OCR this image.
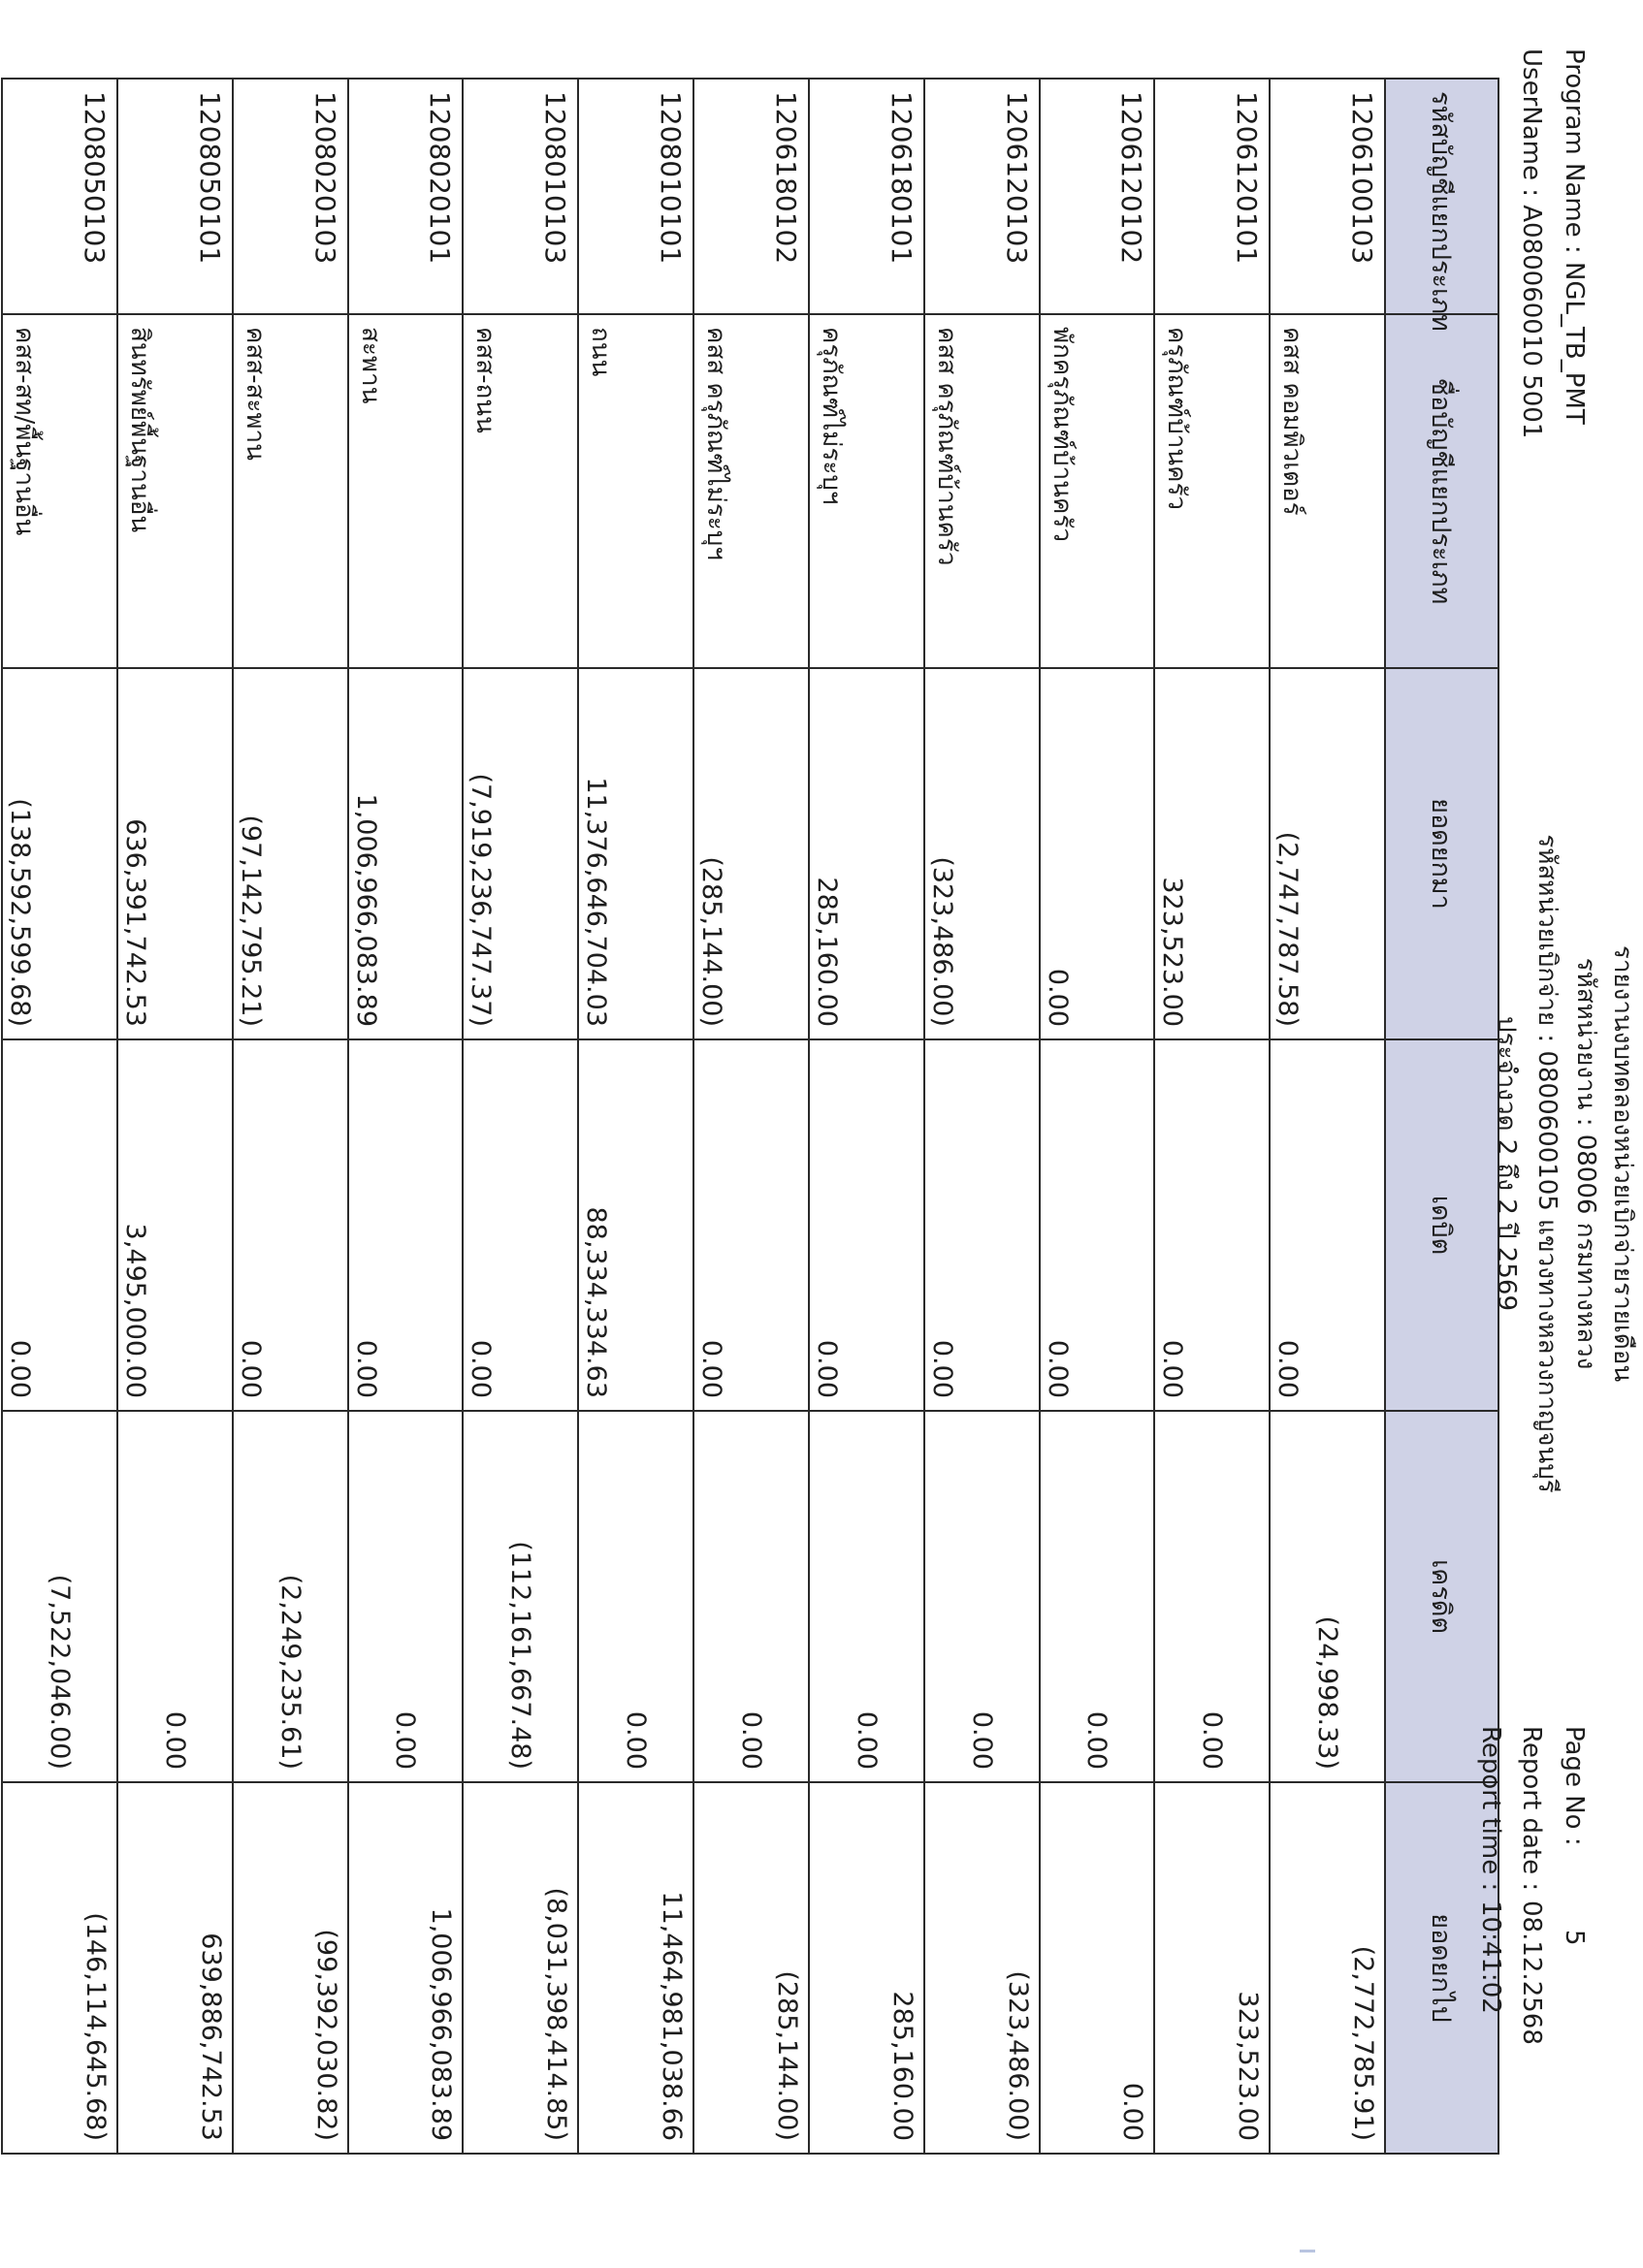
รายงานงบทดลองหน่วยเบิกจ่ายรายเดือน
รหัสหน่วยงาน : 08006 กรมทางหลวง
Program Name : NGL_TB_PMT
UserName : A080060010 5001
Page No :
5
Report date :
08.12.2568
รหัสบัญชีแยกประเภท	ชื่อบัญชีแยกประเภท	ยอดยกมา	เดบิต	เครดิต	ยอดยกไป
1206100103	คสส คอมพิวเตอร์	(2,747,787.58)	0.00	(24,998.33)	(2,772,785.91)
1206120101	ครุภัณฑ์บ้านครัว	323,523.00	0.00	0.00	323,523.00
1206120102	พักครุภัณฑ์บ้านครัว	0.00	0.00	0.00	0.00
1206120103	คสส ครุภัณฑ์บ้านครัว	(323,486.00)	0.00	0.00	(323,486.00)
1206180101	ครุภัณฑ์ไม่ระบุฯ	285,160.00	0.00	0.00	285,160.00
1206180102	คสส ครุภัณฑ์ไม่ระบุฯ	(285,144.00)	0.00	0.00	(285,144.00)
1208010101	ถนน	11,376,646,704.03	88,334,334.63	0.00	11,464,981,038.66
1208010103	คสส-ถนน	(7,919,236,747.37)	0.00	(112,161,667.48)	(8,031,398,414.85)
1208020101	สะพาน	1,006,966,083.89	0.00	0.00	1,006,966,083.89
1208020103	คสส-สะพาน	(97,142,795.21)	0.00	(2,249,235.61)	(99,392,030.82)
1208050101	สินทรัพย์พื้นฐานอื่น	636,391,742.53	3,495,000.00	0.00	639,886,742.53
1208050103	คสส-สท/พื้นฐานอื่น	(138,592,599.68)	0.00	(7,522,046.00)	(146,114,645.68)
รหัสหน่วยเบิกจ่าย : 0800600105 แขวงทางหลวงกาญจนบุรี
ประจำงวด 2 ถึง 2 ปี 2569
Report time :
10:41:02
